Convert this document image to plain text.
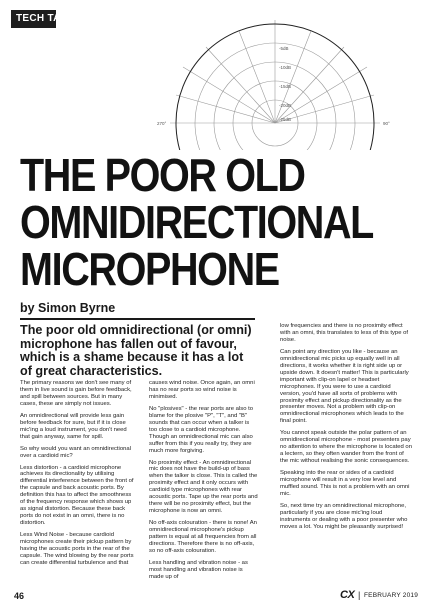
TECH TALK
-5dB
-10dB
-15dB
-20dB
-25dB
270°	90°
THE POOR OLD
OMNIDIRECTIONAL
MICROPHONE
by Simon Byrne

The poor old omnidirectional (or omni) microphone has fallen out of favour, which is a shame because it has a lot of great characteristics.

The primary reasons we don't see many of them in live sound is gain before feedback, and spill between sources. But in many cases, these are simply not issues.

An omnidirectional will provide less gain before feedback for sure, but if it is close mic'ing a loud instrument, you don't need that gain anyway, same for spill.

So why would you want an omnidirectional over a cardioid mic?

Less distortion - a cardioid microphone achieves its directionality by utilising differential interference between the front of the capsule and back acoustic ports. By definition this has to affect the smoothness of the frequency response which shows up as signal distortion. Because these back ports do not exist in an omni, there is no distortion.

Less Wind Noise - because cardioid microphones create their pickup pattern by having the acoustic ports in the rear of the capsule. The wind blowing by the rear ports can create differential turbulence and that

causes wind noise. Once again, an omni has no rear ports so wind noise is minimised.

No "plosives" - the rear ports are also to blame for the plosive "P", "T", and "B" sounds that can occur when a talker is too close to a cardioid microphone. Though an omnidirectional mic can also suffer from this if you really try, they are much more forgiving.

No proximity effect - An omnidirectional mic does not have the build-up of bass when the talker is close. This is called the proximity effect and it only occurs with cardioid type microphones with rear acoustic ports. Tape up the rear ports and there will be no proximity effect, but the microphone is now an omni.

No off-axis colouration - there is none! An omnidirectional microphone's pickup pattern is equal at all frequencies from all directions. Therefore there is no off-axis, so no off-axis colouration.

Less handling and vibration noise - as most handling and vibration noise is made up of

low frequencies and there is no proximity effect with an omni, this translates to less of this type of noise.

Can point any direction you like - because an omnidirectional mic picks up equally well in all directions, it works whether it is right side up or upside down. It doesn't matter! This is particularly important with clip-on lapel or headset microphones. If you were to use a cardioid version, you'd have all sorts of problems with proximity effect and pickup directionality as the presenter moves. Not a problem with clip-on omnidirectional microphones which leads to the final point.

You cannot speak outside the polar pattern of an omnidirectional microphone - most presenters pay no attention to where the microphone is located on a lectern, so they often wander from the front of the mic without realising the sonic consequences.

Speaking into the rear or sides of a cardioid microphone will result in a very low level and muffled sound. This is not a problem with an omni mic.

So, next time try an omnidirectional microphone, particularly if you are close mic'ing loud instruments or dealing with a poor presenter who moves a lot. You might be pleasantly surprised!

46	CX | FEBRUARY 2019
